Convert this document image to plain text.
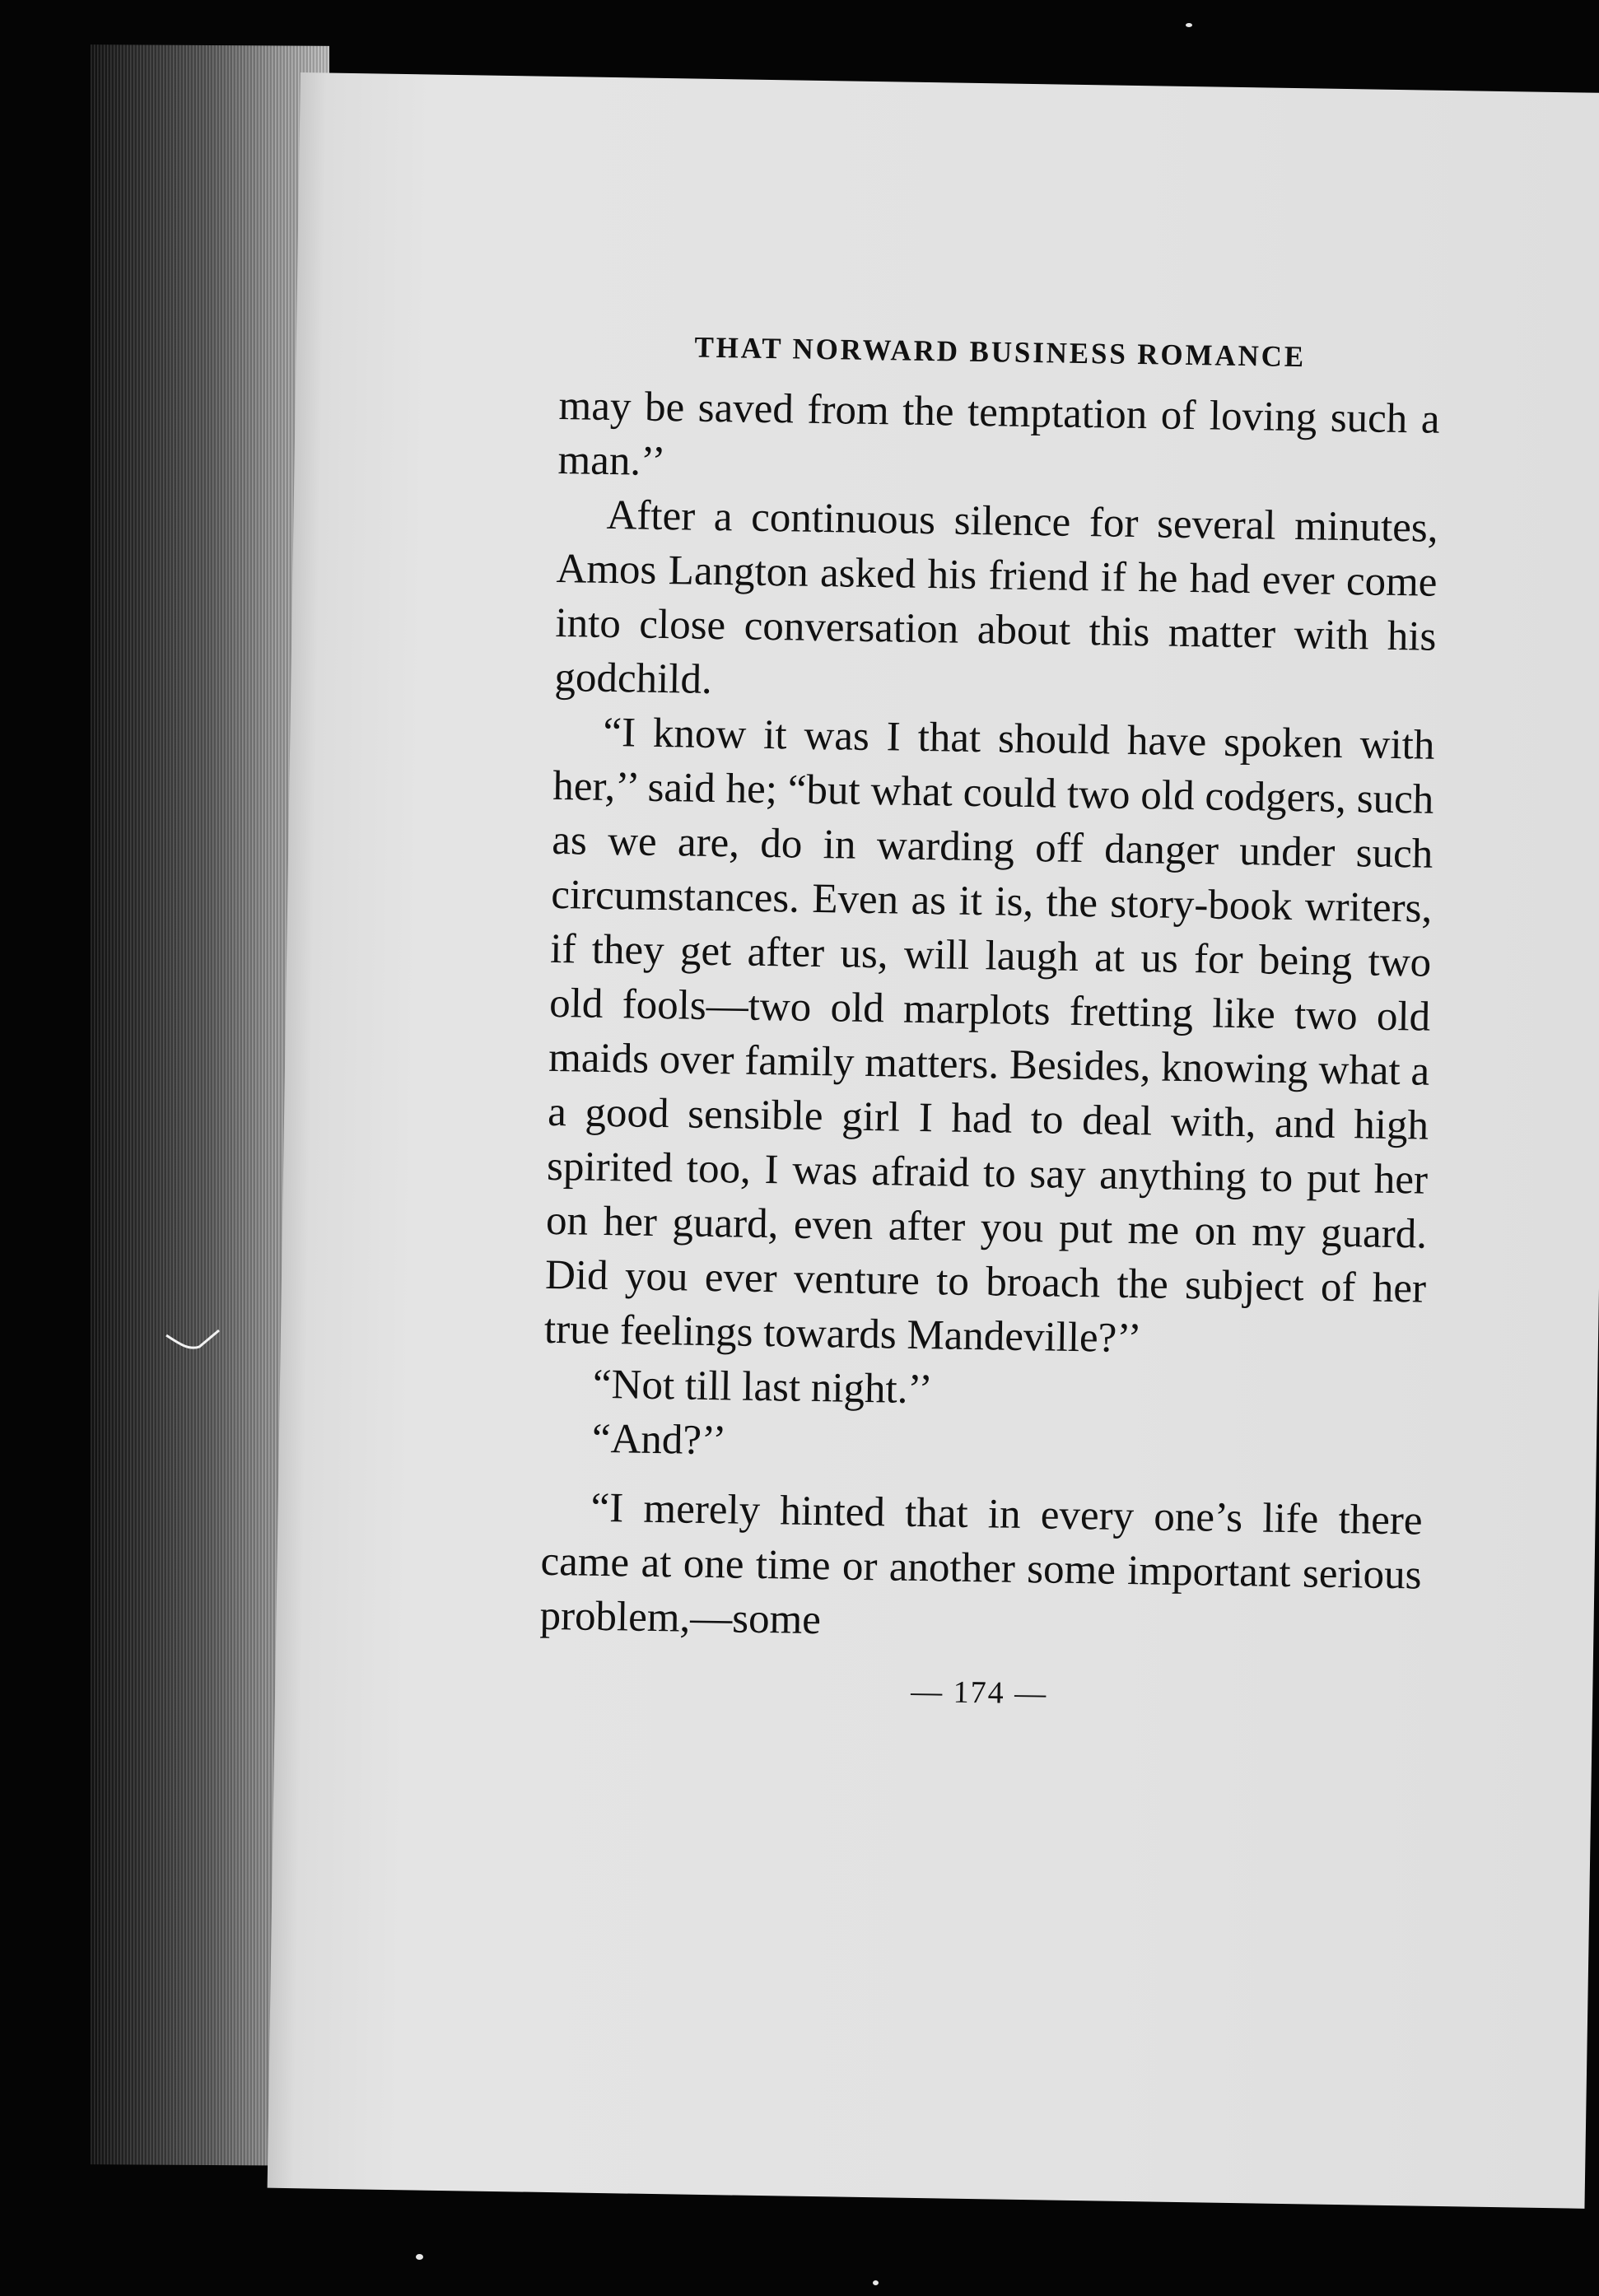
THAT NORWARD BUSINESS ROMANCE

may be saved from the temptation of loving such a man.’’

After a continuous silence for several minutes, Amos Langton asked his friend if he had ever come into close conversation about this matter with his godchild.

“I know it was I that should have spoken with her,’’ said he; “but what could two old codgers, such as we are, do in warding off danger under such circumstances. Even as it is, the story-book writers, if they get after us, will laugh at us for being two old fools—two old marplots fretting like two old maids over family matters. Besides, knowing what a a good sensible girl I had to deal with, and high spirited too, I was afraid to say anything to put her on her guard, even after you put me on my guard. Did you ever venture to broach the subject of her true feelings towards Mandeville?’’

“Not till last night.’’

“And?’’

“I merely hinted that in every one’s life there came at one time or another some important serious problem,—some

— 174 —
